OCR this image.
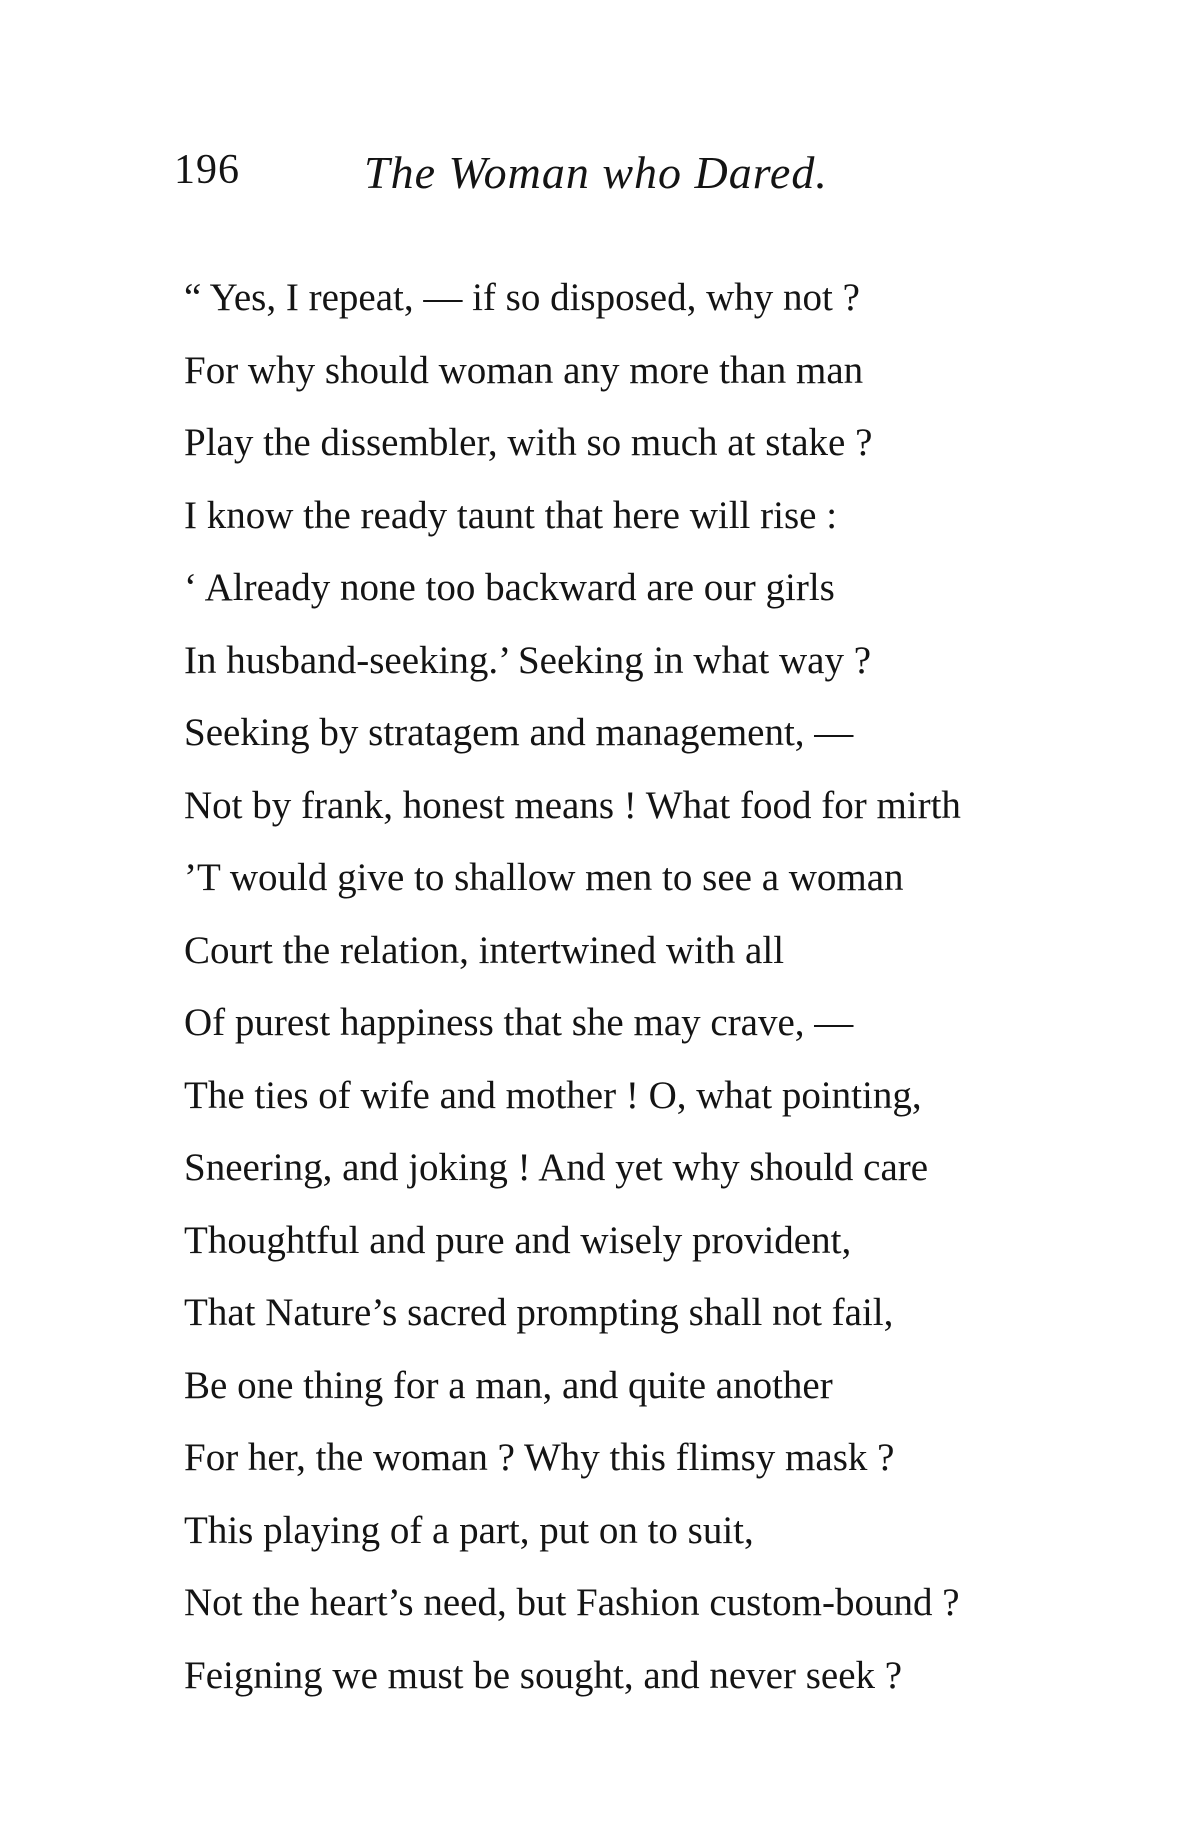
196	The Woman who Dared.
“ Yes, I repeat, — if so disposed, why not ?
For why should woman any more than man
Play the dissembler, with so much at stake ?
I know the ready taunt that here will rise :
‘ Already none too backward are our girls
In husband-seeking.’ Seeking in what way ?
Seeking by stratagem and management, —
Not by frank, honest means ! What food for mirth
’T would give to shallow men to see a woman
Court the relation, intertwined with all
Of purest happiness that she may crave, —
The ties of wife and mother ! O, what pointing,
Sneering, and joking ! And yet why should care
Thoughtful and pure and wisely provident,
That Nature’s sacred prompting shall not fail,
Be one thing for a man, and quite another
For her, the woman ? Why this flimsy mask ?
This playing of a part, put on to suit,
Not the heart’s need, but Fashion custom-bound ?
Feigning we must be sought, and never seek ?
